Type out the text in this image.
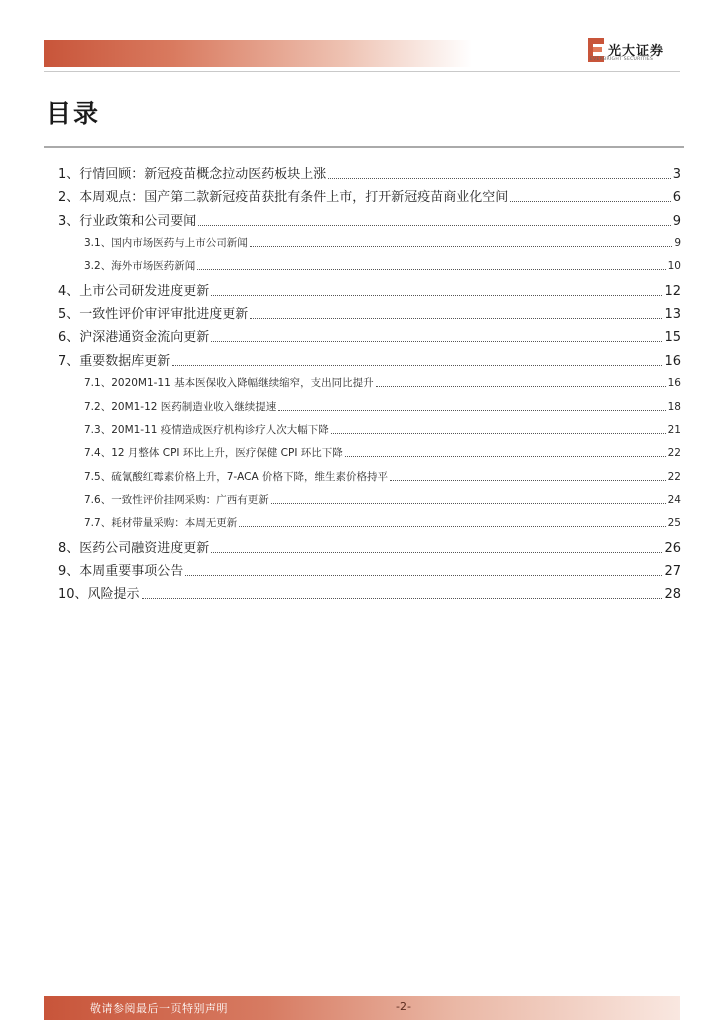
光大证券
EVERBRIGHT SECURITIES
目录
1、 行情回顾：新冠疫苗概念拉动医药板块上涨	3
2、 本周观点：国产第二款新冠疫苗获批有条件上市，打开新冠疫苗商业化空间	6
3、 行业政策和公司要闻	9
3.1、 国内市场医药与上市公司新闻	9
3.2、 海外市场医药新闻	10
4、 上市公司研发进度更新	12
5、 一致性评价审评审批进度更新	13
6、 沪深港通资金流向更新	15
7、 重要数据库更新	16
7.1、 2020M1-11 基本医保收入降幅继续缩窄，支出同比提升	16
7.2、 20M1-12 医药制造业收入继续提速	18
7.3、 20M1-11 疫情造成医疗机构诊疗人次大幅下降	21
7.4、 12 月整体 CPI 环比上升，医疗保健 CPI 环比下降	22
7.5、 硫氰酸红霉素价格上升，7-ACA 价格下降，维生素价格持平	22
7.6、 一致性评价挂网采购：广西有更新	24
7.7、 耗材带量采购：本周无更新	25
8、 医药公司融资进度更新	26
9、 本周重要事项公告	27
10、 风险提示	28
敬请参阅最后一页特别声明	-2-
